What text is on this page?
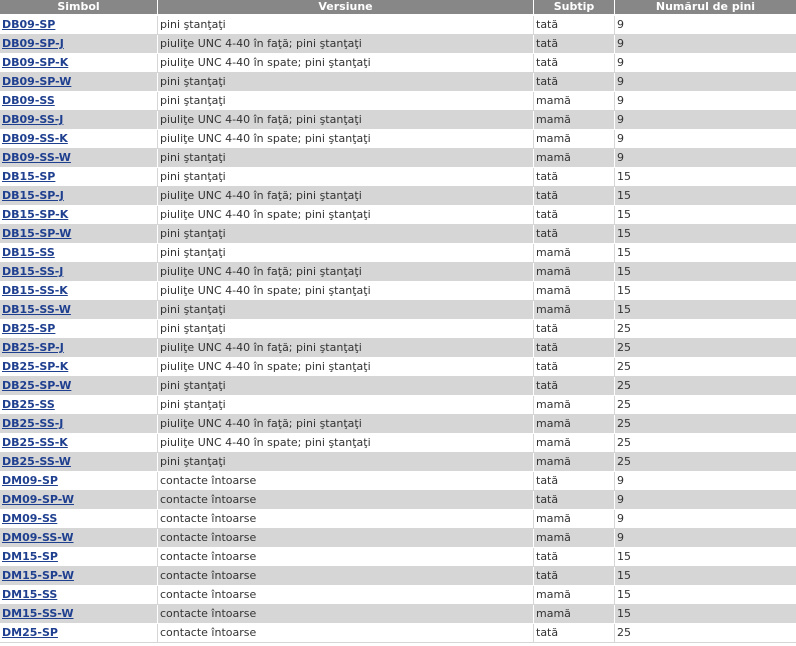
Simbol	Versiune	Subtip	Numărul de pini
DB09-SP	pini ştanţaţi	tată	9
DB09-SP-J	piuliţe UNC 4-40 în faţă; pini ştanţaţi	tată	9
DB09-SP-K	piuliţe UNC 4-40 în spate; pini ştanţaţi	tată	9
DB09-SP-W	pini ştanţaţi	tată	9
DB09-SS	pini ştanţaţi	mamă	9
DB09-SS-J	piuliţe UNC 4-40 în faţă; pini ştanţaţi	mamă	9
DB09-SS-K	piuliţe UNC 4-40 în spate; pini ştanţaţi	mamă	9
DB09-SS-W	pini ştanţaţi	mamă	9
DB15-SP	pini ştanţaţi	tată	15
DB15-SP-J	piuliţe UNC 4-40 în faţă; pini ştanţaţi	tată	15
DB15-SP-K	piuliţe UNC 4-40 în spate; pini ştanţaţi	tată	15
DB15-SP-W	pini ştanţaţi	tată	15
DB15-SS	pini ştanţaţi	mamă	15
DB15-SS-J	piuliţe UNC 4-40 în faţă; pini ştanţaţi	mamă	15
DB15-SS-K	piuliţe UNC 4-40 în spate; pini ştanţaţi	mamă	15
DB15-SS-W	pini ştanţaţi	mamă	15
DB25-SP	pini ştanţaţi	tată	25
DB25-SP-J	piuliţe UNC 4-40 în faţă; pini ştanţaţi	tată	25
DB25-SP-K	piuliţe UNC 4-40 în spate; pini ştanţaţi	tată	25
DB25-SP-W	pini ştanţaţi	tată	25
DB25-SS	pini ştanţaţi	mamă	25
DB25-SS-J	piuliţe UNC 4-40 în faţă; pini ştanţaţi	mamă	25
DB25-SS-K	piuliţe UNC 4-40 în spate; pini ştanţaţi	mamă	25
DB25-SS-W	pini ştanţaţi	mamă	25
DM09-SP	contacte întoarse	tată	9
DM09-SP-W	contacte întoarse	tată	9
DM09-SS	contacte întoarse	mamă	9
DM09-SS-W	contacte întoarse	mamă	9
DM15-SP	contacte întoarse	tată	15
DM15-SP-W	contacte întoarse	tată	15
DM15-SS	contacte întoarse	mamă	15
DM15-SS-W	contacte întoarse	mamă	15
DM25-SP	contacte întoarse	tată	25
